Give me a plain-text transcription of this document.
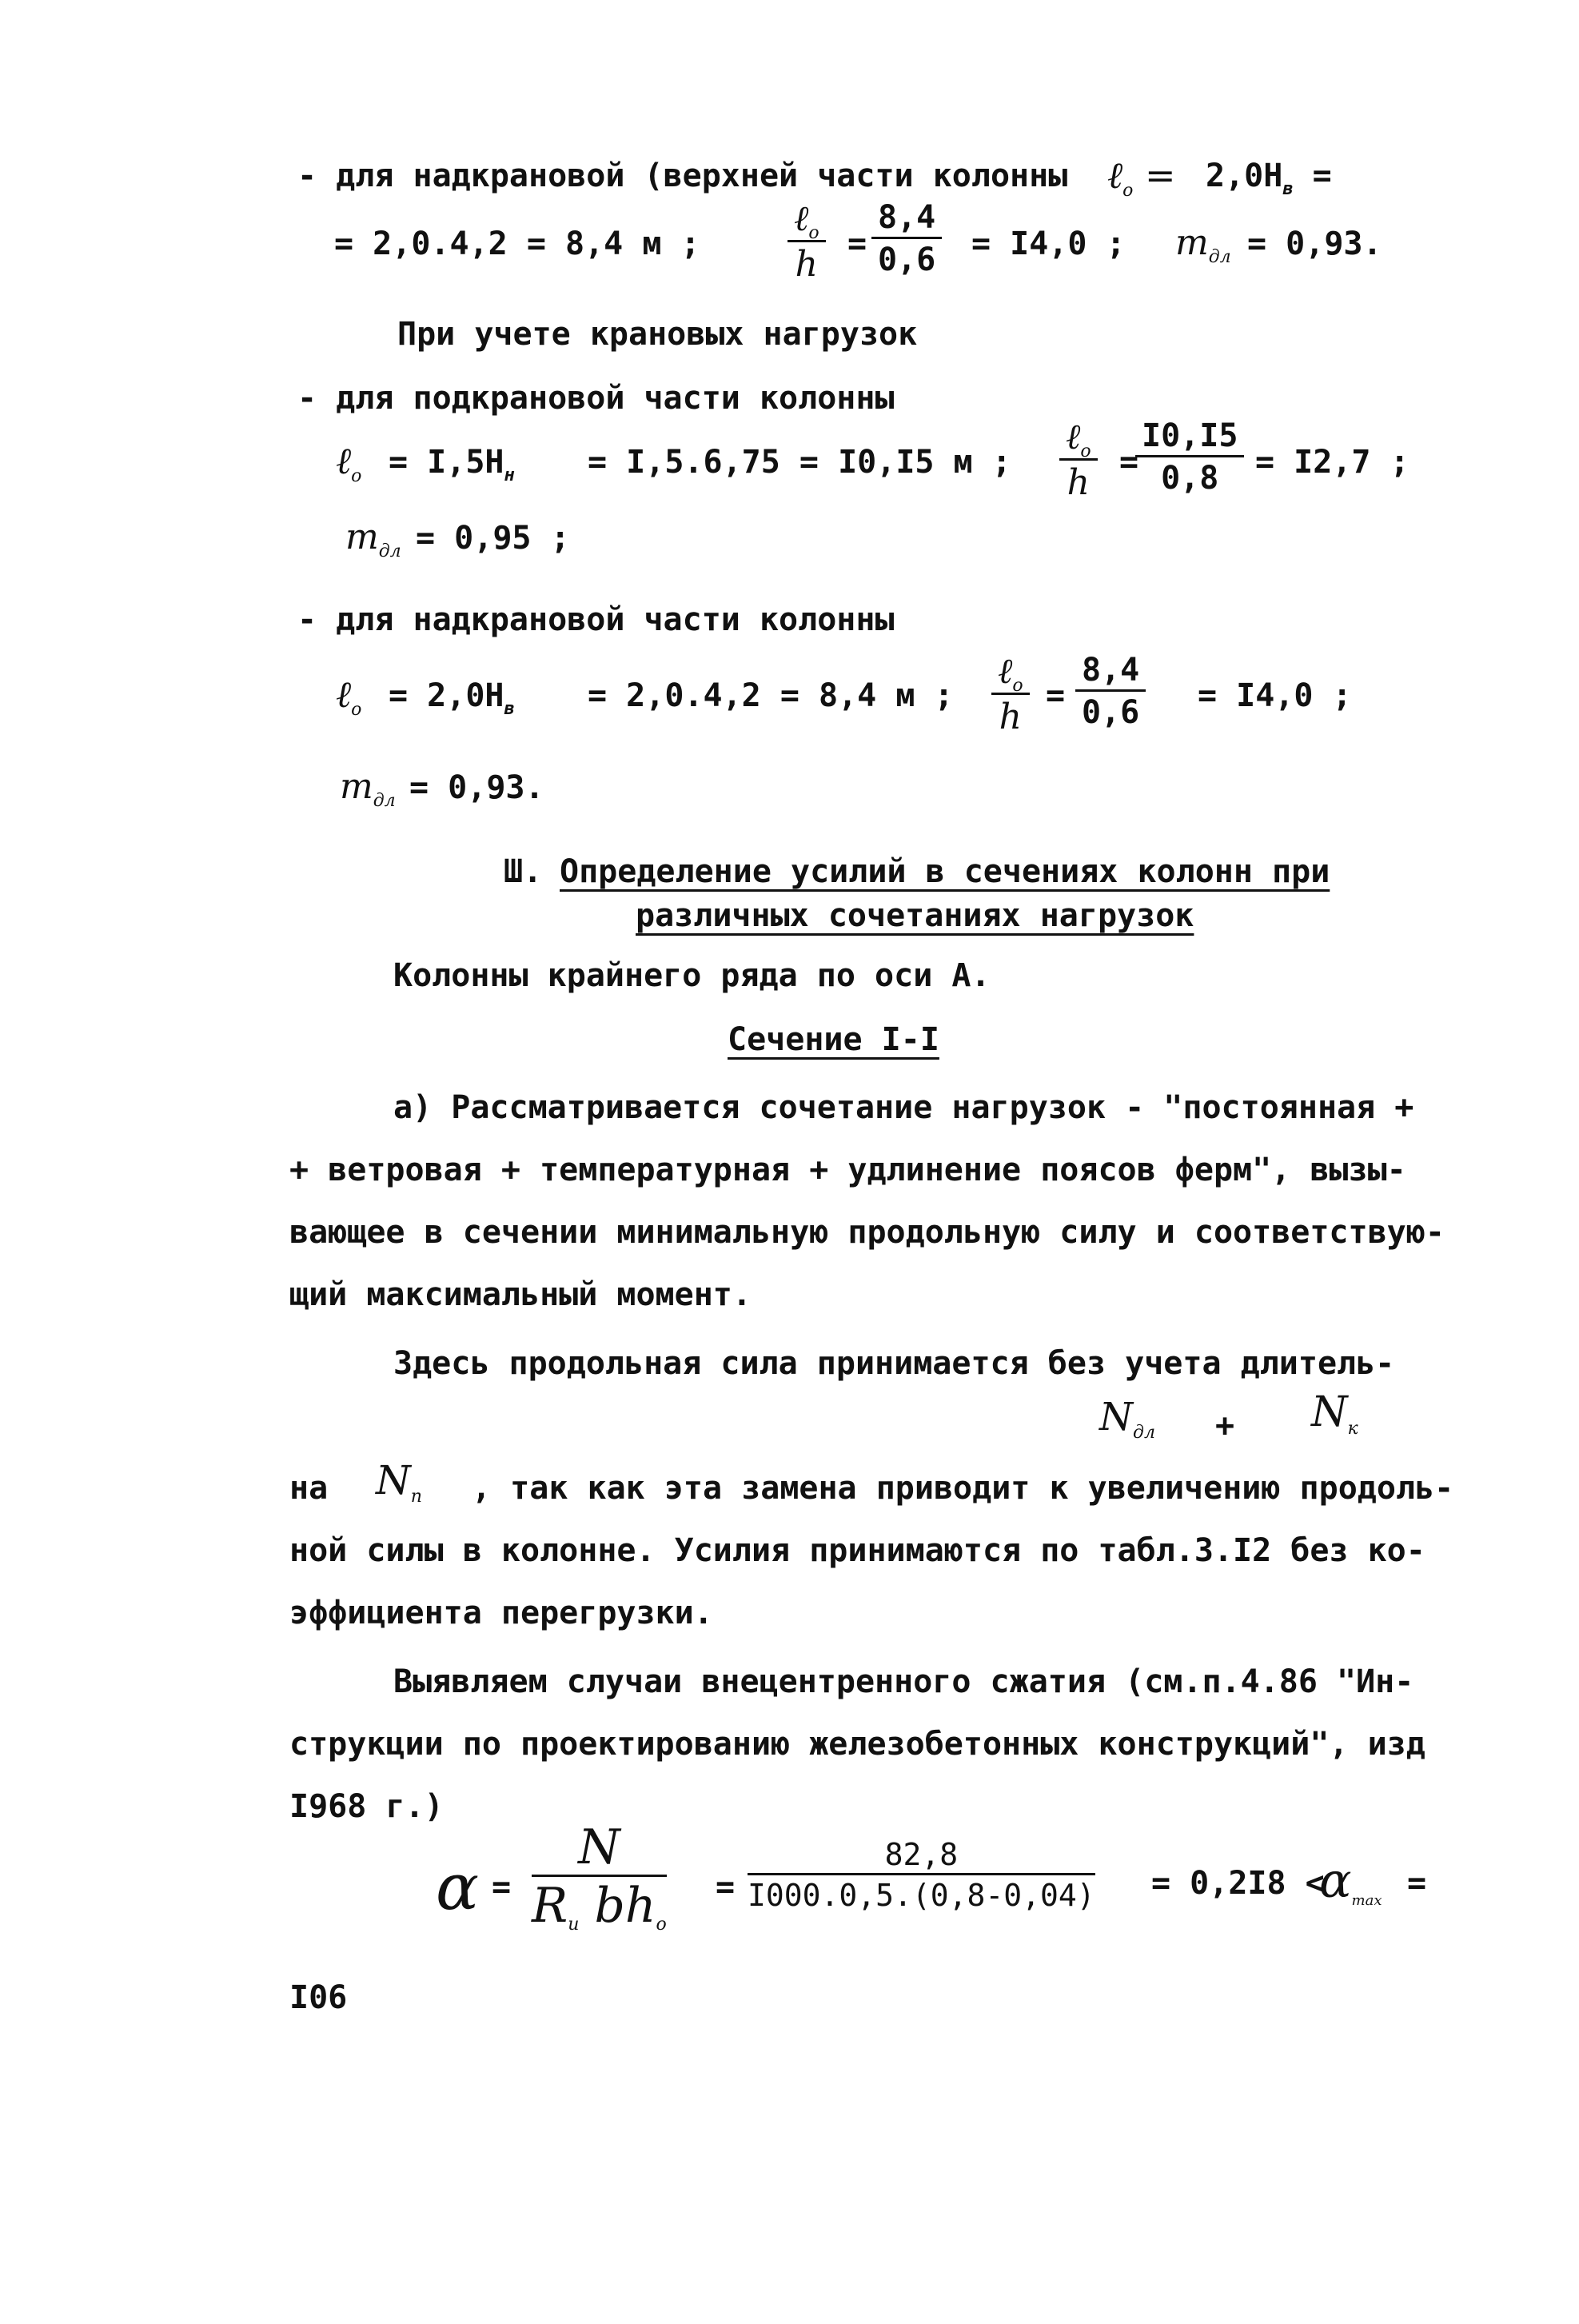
- для надкрановой (верхней части колонны ℓ$_о$ = $2,0H_в$ =
= 2,0.4,2 = 8,4 м ;
ℓ$_о$
$h = \frac{8,4}{0,6} = I4,0$ ; $m_{дл} = 0,93$.
При учете крановых нагрузок
- для подкрановой части колонны
ℓ$_о$ = $I,5H_н = I,5.6,75 = I0,I5$ м ;
ℓ$_о$
h =
$\frac{I0,I5}{0,8} = I2,7$ ;
$m_{дл} = 0,95$ ;
- для надкрановой части колонны
ℓ$_о$ = $2,0H_в = 2,0.4,2 = 8,4$ м ;
ℓ$_о$
h
= $\frac{8,4}{0,6} = I4,0$ ;
$m_{дл} = 0,93$.
Ш. Определение усилий в сечениях колонн при
различных сочетаниях нагрузок
Колонны крайнего ряда по оси А.
Сечение I-I
а) Рассматривается сочетание нагрузок - "постоянная +
+ ветровая + температурная + удлинение поясов ферм", вызы-
вающее в сечении минимальную продольную силу и соответствую-
щий максимальный момент.
Здесь продольная сила принимается без учета длитель-
$N_{дл}$ + Nк
на $N_п$ , так как эта замена приводит к увеличению продоль-
ной силы в колонне. Усилия принимаются по табл.3.I2 без ко-
эффициента перегрузки.
Выявляем случаи внецентренного сжатия (см.п.4.86 "Ин-
струкции по проектированию железобетонных конструкций", изд
I968 г.)
α =
N
Rи bhо
= $\frac{82,8}{I000.0,5.(0,8-0,04)} = 0,2I8$ <
αmax =
I06
